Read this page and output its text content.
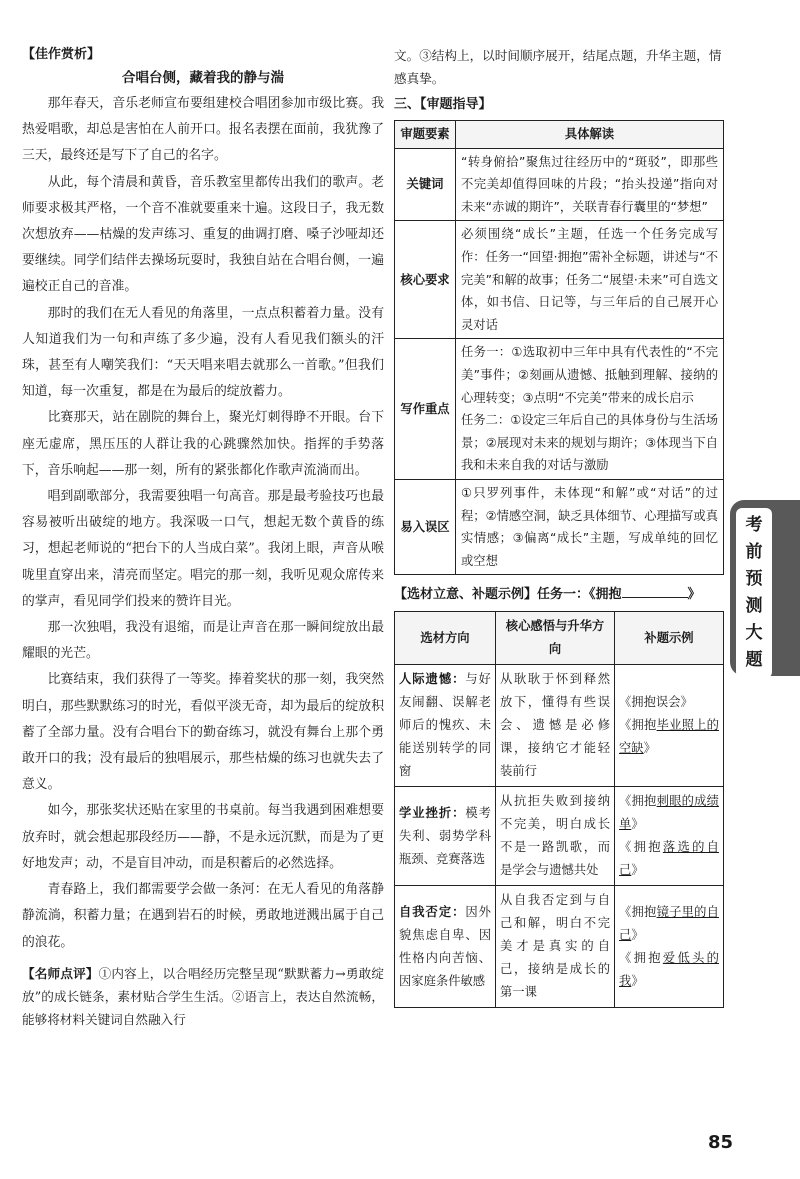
【佳作赏析】
合唱台侧，藏着我的静与湍

那年春天，音乐老师宣布要组建校合唱团参加市级比赛。我热爱唱歌，却总是害怕在人前开口。报名表摆在面前，我犹豫了三天，最终还是写下了自己的名字。

从此，每个清晨和黄昏，音乐教室里都传出我们的歌声。老师要求极其严格，一个音不准就要重来十遍。这段日子，我无数次想放弃——枯燥的发声练习、重复的曲调打磨、嗓子沙哑却还要继续。同学们结伴去操场玩耍时，我独自站在合唱台侧，一遍遍校正自己的音准。

那时的我们在无人看见的角落里，一点点积蓄着力量。没有人知道我们为一句和声练了多少遍，没有人看见我们额头的汗珠，甚至有人嘲笑我们：“天天唱来唱去就那么一首歌。”但我们知道，每一次重复，都是在为最后的绽放蓄力。

比赛那天，站在剧院的舞台上，聚光灯刺得睁不开眼。台下座无虚席，黑压压的人群让我的心跳骤然加快。指挥的手势落下，音乐响起——那一刻，所有的紧张都化作歌声流淌而出。

唱到副歌部分，我需要独唱一句高音。那是最考验技巧也最容易被听出破绽的地方。我深吸一口气，想起无数个黄昏的练习，想起老师说的“把台下的人当成白菜”。我闭上眼，声音从喉咙里直穿出来，清亮而坚定。唱完的那一刻，我听见观众席传来的掌声，看见同学们投来的赞许目光。

那一次独唱，我没有退缩，而是让声音在那一瞬间绽放出最耀眼的光芒。

比赛结束，我们获得了一等奖。捧着奖状的那一刻，我突然明白，那些默默练习的时光，看似平淡无奇，却为最后的绽放积蓄了全部力量。没有合唱台下的勤奋练习，就没有舞台上那个勇敢开口的我；没有最后的独唱展示，那些枯燥的练习也就失去了意义。

如今，那张奖状还贴在家里的书桌前。每当我遇到困难想要放弃时，就会想起那段经历——静，不是永远沉默，而是为了更好地发声；动，不是盲目冲动，而是积蓄后的必然选择。

青春路上，我们都需要学会做一条河：在无人看见的角落静静流淌，积蓄力量；在遇到岩石的时候，勇敢地迸溅出属于自己的浪花。

【名师点评】①内容上，以合唱经历完整呈现“默默蓄力→勇敢绽放”的成长链条，素材贴合学生生活。②语言上，表达自然流畅，能够将材料关键词自然融入行

文。③结构上，以时间顺序展开，结尾点题，升华主题，情感真挚。

三、【审题指导】
审题要素	具体解读
关键词	“转身俯拾”聚焦过往经历中的“斑驳”，即那些不完美却值得回味的片段；“抬头投递”指向对未来“赤诚的期许”，关联青春行囊里的“梦想”
核心要求	必须围绕“成长”主题，任选一个任务完成写作：任务一“回望·拥抱”需补全标题，讲述与“不完美”和解的故事；任务二“展望·未来”可自选文体，如书信、日记等，与三年后的自己展开心灵对话
写作重点	任务一：①选取初中三年中具有代表性的“不完美”事件；②刻画从遗憾、抵触到理解、接纳的心理转变；③点明“不完美”带来的成长启示
任务二：①设定三年后自己的具体身份与生活场景；②展现对未来的规划与期许；③体现当下自我和未来自我的对话与激励
易入误区	①只罗列事件，未体现“和解”或“对话”的过程；②情感空洞，缺乏具体细节、心理描写或真实情感；③偏离“成长”主题，写成单纯的回忆或空想
【选材立意、补题示例】任务一：《拥抱	》
选材方向	核心感悟与升华方向	补题示例
人际遗憾：与好友闹翻、误解老师后的愧疚、未能送别转学的同窗	从耿耿于怀到释然放下，懂得有些误会、遗憾是必修课，接纳它才能轻装前行	《拥抱误会》
《拥抱毕业照上的空缺》

学业挫折：模考失利、弱势学科瓶颈、竞赛落选	从抗拒失败到接纳不完美，明白成长不是一路凯歌，而是学会与遗憾共处	《拥抱刺眼的成绩单》
《拥抱落选的自己》

自我否定：因外貌焦虑自卑、因性格内向苦恼、因家庭条件敏感	从自我否定到与自己和解，明白不完美才是真实的自己，接纳是成长的第一课	《拥抱镜子里的自己》
《拥抱爱低头的我》
考
前
预
测
大
题
85
